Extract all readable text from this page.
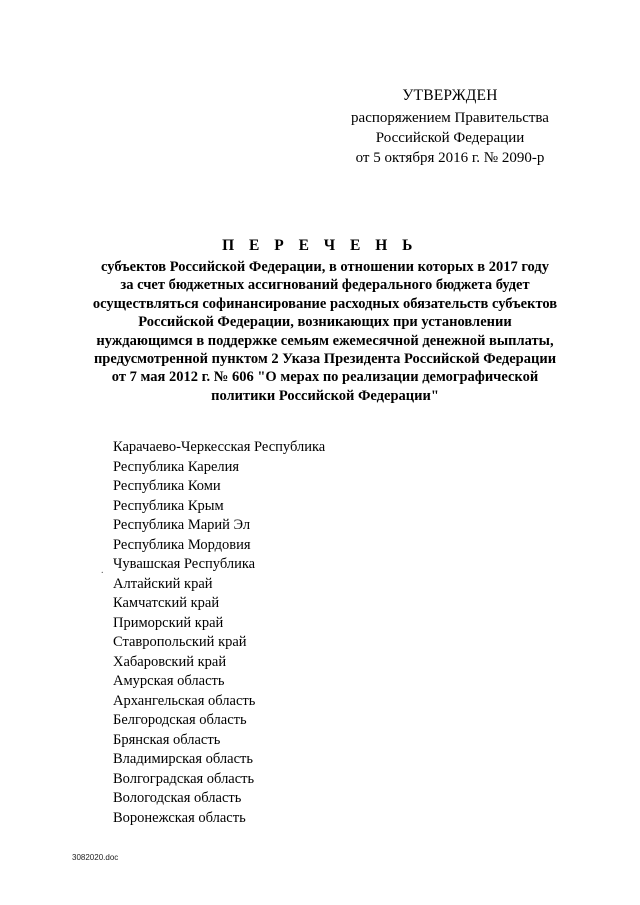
УТВЕРЖДЕН
распоряжением Правительства
Российской Федерации
от 5 октября 2016 г. № 2090-р
П Е Р Е Ч Е Н Ь
субъектов Российской Федерации, в отношении которых в 2017 году
за счет бюджетных ассигнований федерального бюджета будет
осуществляться софинансирование расходных обязательств субъектов
Российской Федерации, возникающих при установлении
нуждающимся в поддержке семьям ежемесячной денежной выплаты,
предусмотренной пунктом 2 Указа Президента Российской Федерации
от 7 мая 2012 г. № 606 "О мерах по реализации демографической
политики Российской Федерации"
Карачаево-Черкесская Республика
Республика Карелия
Республика Коми
Республика Крым
Республика Марий Эл
Республика Мордовия
Чувашская Республика
Алтайский край
Камчатский край
Приморский край
Ставропольский край
Хабаровский край
Амурская область
Архангельская область
Белгородская область
Брянская область
Владимирская область
Волгоградская область
Вологодская область
Воронежская область
.
3082020.doc
